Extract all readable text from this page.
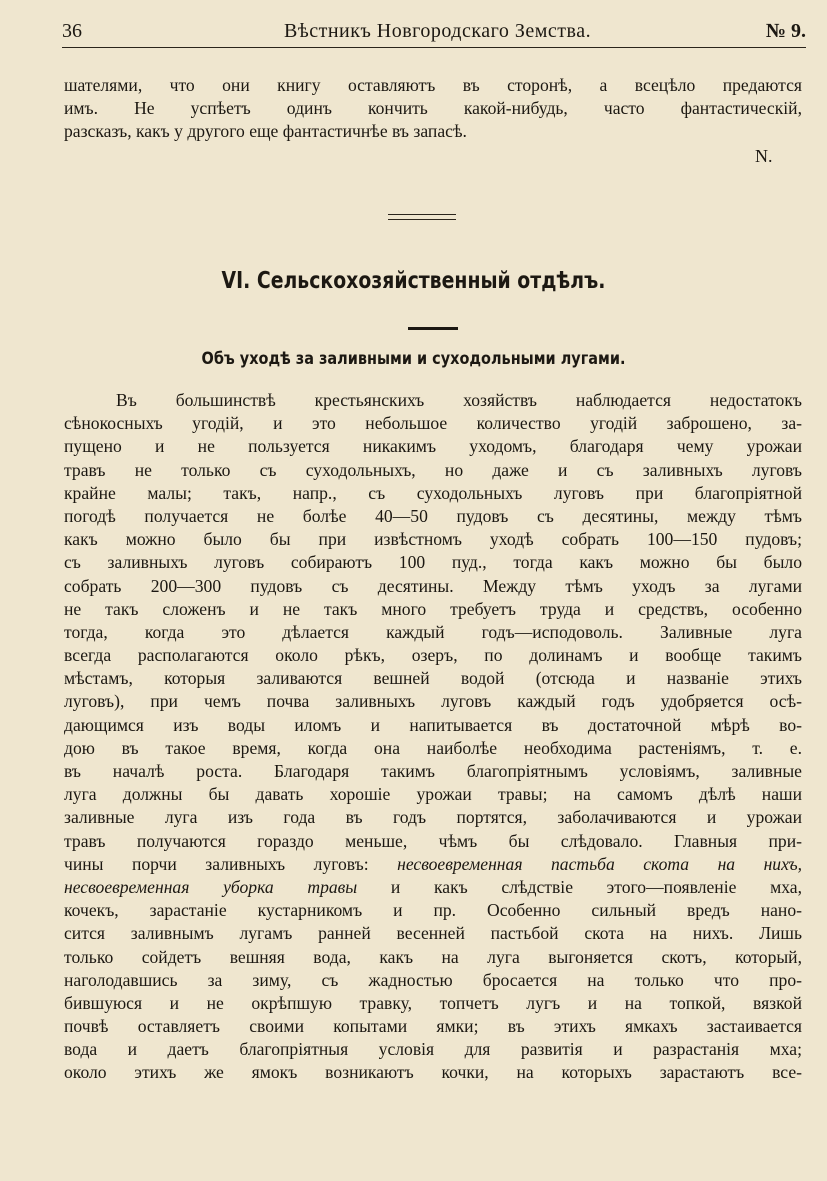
36	Вѣстникъ Новгородскаго Земства.	№ 9.
шателями, что они книгу оставляютъ въ сторонѣ, а всецѣло предаются
имъ. Не успѣетъ одинъ кончить какой-нибудь, часто фантастическій,
разсказъ, какъ у другого еще фантастичнѣе въ запасѣ.
N.
VI. Сельскохозяйственный отдѣлъ.
Объ уходѣ за заливными и суходольными лугами.
Въ большинствѣ крестьянскихъ хозяйствъ наблюдается недостатокъ
сѣнокосныхъ угодій, и это небольшое количество угодій заброшено, за-
пущено и не пользуется никакимъ уходомъ, благодаря чему урожаи
травъ не только съ суходольныхъ, но даже и съ заливныхъ луговъ
крайне малы; такъ, напр., съ суходольныхъ луговъ при благопріятной
погодѣ получается не болѣе 40—50 пудовъ съ десятины, между тѣмъ
какъ можно было бы при извѣстномъ уходѣ собрать 100—150 пудовъ;
съ заливныхъ луговъ собираютъ 100 пуд., тогда какъ можно бы было
собрать 200—300 пудовъ съ десятины. Между тѣмъ уходъ за лугами
не такъ сложенъ и не такъ много требуетъ труда и средствъ, особенно
тогда, когда это дѣлается каждый годъ—исподоволь. Заливные луга
всегда располагаются около рѣкъ, озеръ, по долинамъ и вообще такимъ
мѣстамъ, которыя заливаются вешней водой (отсюда и названіе этихъ
луговъ), при чемъ почва заливныхъ луговъ каждый годъ удобряется осѣ-
дающимся изъ воды иломъ и напитывается въ достаточной мѣрѣ во-
дою въ такое время, когда она наиболѣе необходима растеніямъ, т. е.
въ началѣ роста. Благодаря такимъ благопріятнымъ условіямъ, заливные
луга должны бы давать хорошіе урожаи травы; на самомъ дѣлѣ наши
заливные луга изъ года въ годъ портятся, заболачиваются и урожаи
травъ получаются гораздо меньше, чѣмъ бы слѣдовало. Главныя при-
чины порчи заливныхъ луговъ: несвоевременная пастьба скота на нихъ,
несвоевременная уборка травы и какъ слѣдствіе этого—появленіе мха,
кочекъ, зарастаніе кустарникомъ и пр. Особенно сильный вредъ нано-
сится заливнымъ лугамъ ранней весенней пастьбой скота на нихъ. Лишь
только сойдетъ вешняя вода, какъ на луга выгоняется скотъ, который,
наголодавшись за зиму, съ жадностью бросается на только что про-
бившуюся и не окрѣпшую травку, топчетъ лугъ и на топкой, вязкой
почвѣ оставляетъ своими копытами ямки; въ этихъ ямкахъ застаивается
вода и даетъ благопріятныя условія для развитія и разрастанія мха;
около этихъ же ямокъ возникаютъ кочки, на которыхъ зарастаютъ все-
